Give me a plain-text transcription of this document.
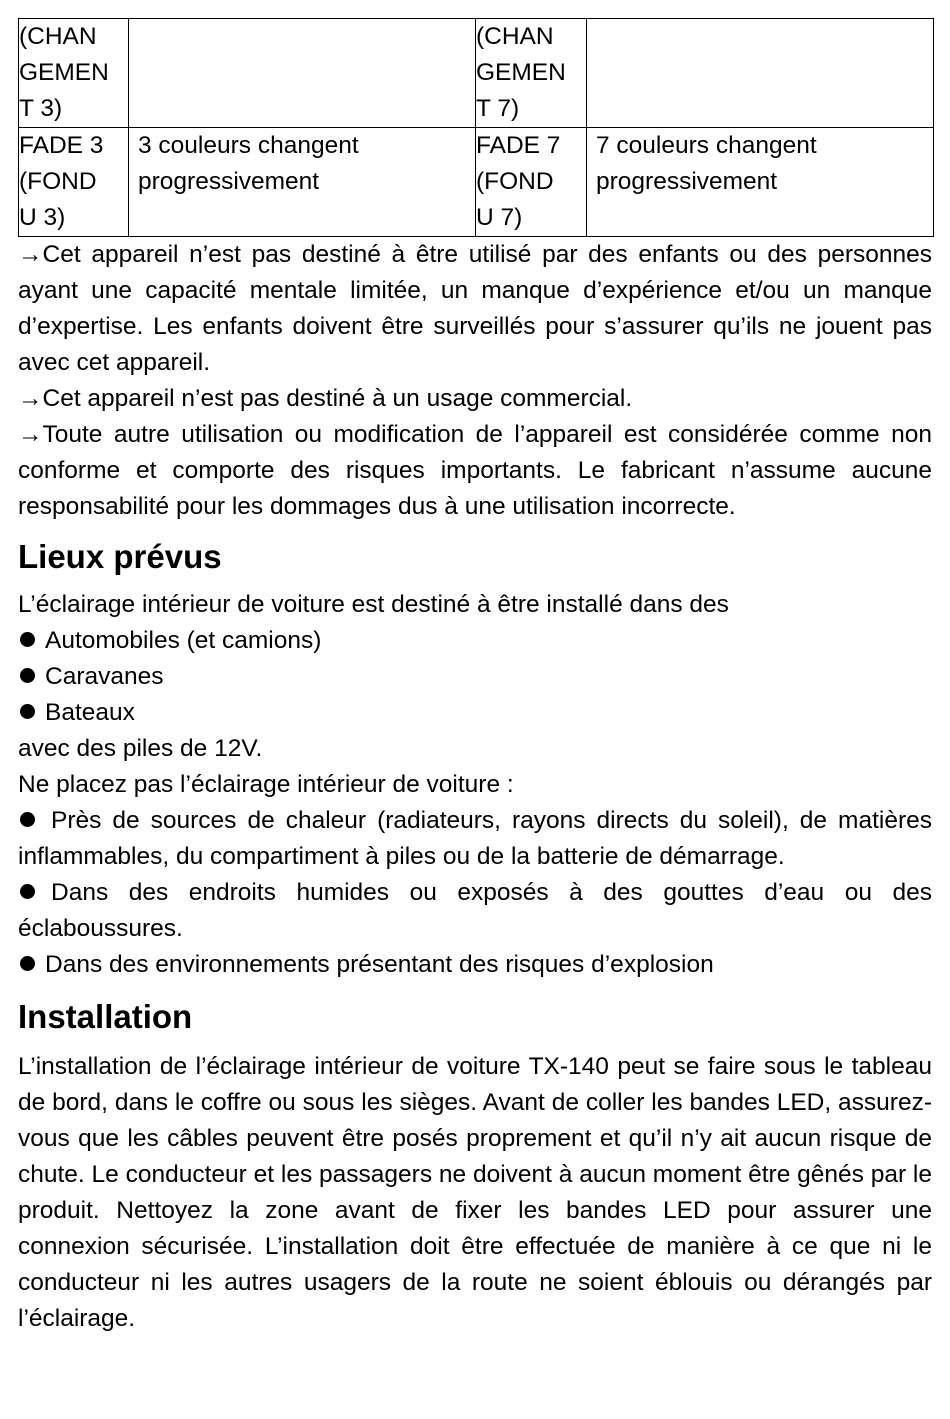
(CHAN GEMEN T 3)		(CHAN GEMEN T 7)	

FADE 3 (FOND U 3)	3 couleurs changent progressivement	FADE 7 (FOND U 7)	7 couleurs changent progressivement

→Cet appareil n’est pas destiné à être utilisé par des enfants ou des personnes ayant une capacité mentale limitée, un manque d’expérience et/ou un manque d’expertise. Les enfants doivent être surveillés pour s’assurer qu’ils ne jouent pas avec cet appareil.

→Cet appareil n’est pas destiné à un usage commercial.

→Toute autre utilisation ou modification de l’appareil est considérée comme non conforme et comporte des risques importants. Le fabricant n’assume aucune responsabilité pour les dommages dus à une utilisation incorrecte.

Lieux prévus

L’éclairage intérieur de voiture est destiné à être installé dans des

Automobiles (et camions)
Caravanes
Bateaux

avec des piles de 12V.

Ne placez pas l’éclairage intérieur de voiture :

Près de sources de chaleur (radiateurs, rayons directs du soleil), de matières inflammables, du compartiment à piles ou de la batterie de démarrage.

Dans des endroits humides ou exposés à des gouttes d’eau ou des éclaboussures.

Dans des environnements présentant des risques d’explosion
Installation

L’installation de l’éclairage intérieur de voiture TX-140 peut se faire sous le tableau de bord, dans le coffre ou sous les sièges. Avant de coller les bandes LED, assurez-vous que les câbles peuvent être posés proprement et qu’il n’y ait aucun risque de chute. Le conducteur et les passagers ne doivent à aucun moment être gênés par le produit. Nettoyez la zone avant de fixer les bandes LED pour assurer une connexion sécurisée. L’installation doit être effectuée de manière à ce que ni le conducteur ni les autres usagers de la route ne soient éblouis ou dérangés par l’éclairage.
